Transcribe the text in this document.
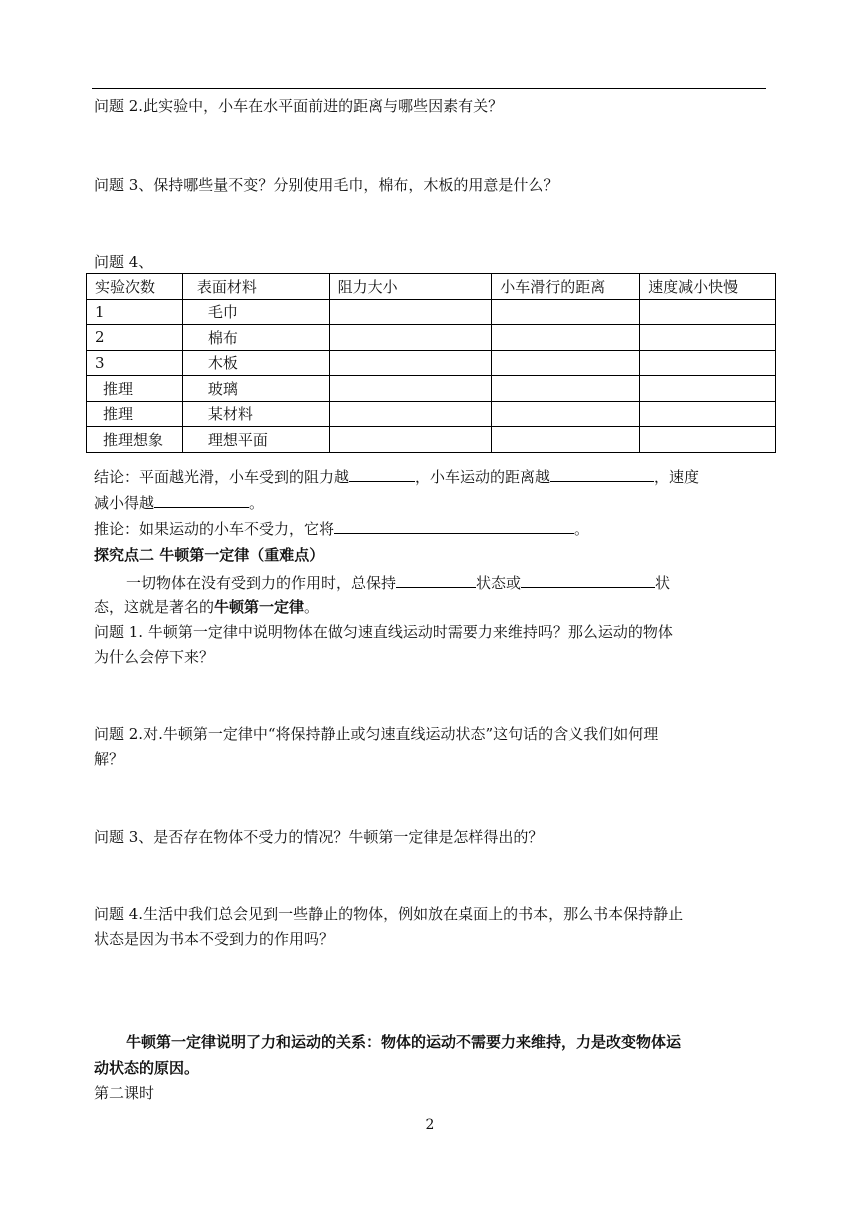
问题 2.此实验中，小车在水平面前进的距离与哪些因素有关？
问题 3、保持哪些量不变？分别使用毛巾，棉布，木板的用意是什么？
问题 4、
实验次数	表面材料	阻力大小	小车滑行的距离	速度减小快慢
1	毛巾			
2	棉布			
3	木板			
推理	玻璃			
推理	某材料			
推理想象	理想平面			
结论：平面越光滑，小车受到的阻力越	，小车运动的距离越	，速度
减小得越	。
推论：如果运动的小车不受力，它将	。
探究点二 牛顿第一定律（重难点）
一切物体在没有受到力的作用时，总保持	状态或	状
态，这就是著名的牛顿第一定律。
问题 1. 牛顿第一定律中说明物体在做匀速直线运动时需要力来维持吗？那么运动的物体
为什么会停下来？
问题 2.对.牛顿第一定律中“将保持静止或匀速直线运动状态”这句话的含义我们如何理
解？
问题 3、是否存在物体不受力的情况？牛顿第一定律是怎样得出的？
问题 4.生活中我们总会见到一些静止的物体，例如放在桌面上的书本，那么书本保持静止
状态是因为书本不受到力的作用吗？
牛顿第一定律说明了力和运动的关系：物体的运动不需要力来维持，力是改变物体运
动状态的原因。
第二课时
2
